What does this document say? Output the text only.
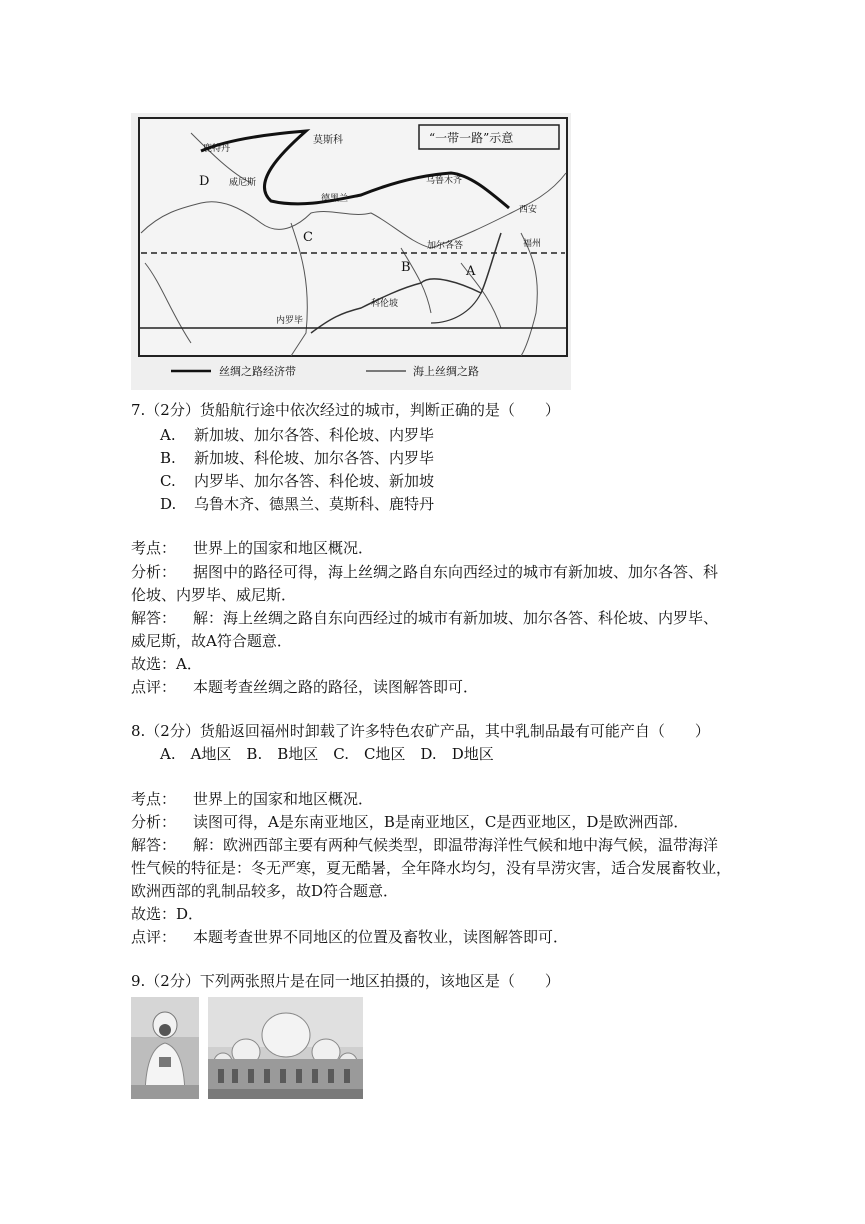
“一带一路”示意
莫斯科
鹿特丹
D 威尼斯
德黑兰
乌鲁木齐
西安
C
加尔各答	福州
B	A
科伦坡
内罗毕
丝绸之路经济带	海上丝绸之路
7.（2分）货船航行途中依次经过的城市，判断正确的是（　　）
A. 新加坡、加尔各答、科伦坡、内罗毕
B. 新加坡、科伦坡、加尔各答、内罗毕
C. 内罗毕、加尔各答、科伦坡、新加坡
D. 乌鲁木齐、德黑兰、莫斯科、鹿特丹
考点： 世界上的国家和地区概况．
分析： 据图中的路径可得，海上丝绸之路自东向西经过的城市有新加坡、加尔各答、科
伦坡、内罗毕、威尼斯．
解答： 解：海上丝绸之路自东向西经过的城市有新加坡、加尔各答、科伦坡、内罗毕、
威尼斯，故A符合题意．
故选：A．
点评： 本题考查丝绸之路的路径，读图解答即可．
8.（2分）货船返回福州时卸载了许多特色农矿产品，其中乳制品最有可能产自（　　）
A.　A地区　B.　B地区　C.　C地区　D.　D地区
考点： 世界上的国家和地区概况．
分析： 读图可得，A是东南亚地区，B是南亚地区，C是西亚地区，D是欧洲西部．
解答： 解：欧洲西部主要有两种气候类型，即温带海洋性气候和地中海气候，温带海洋
性气候的特征是：冬无严寒，夏无酷暑，全年降水均匀，没有旱涝灾害，适合发展畜牧业，
欧洲西部的乳制品较多，故D符合题意．
故选：D．
点评： 本题考查世界不同地区的位置及畜牧业，读图解答即可．
9.（2分）下列两张照片是在同一地区拍摄的，该地区是（　　）
